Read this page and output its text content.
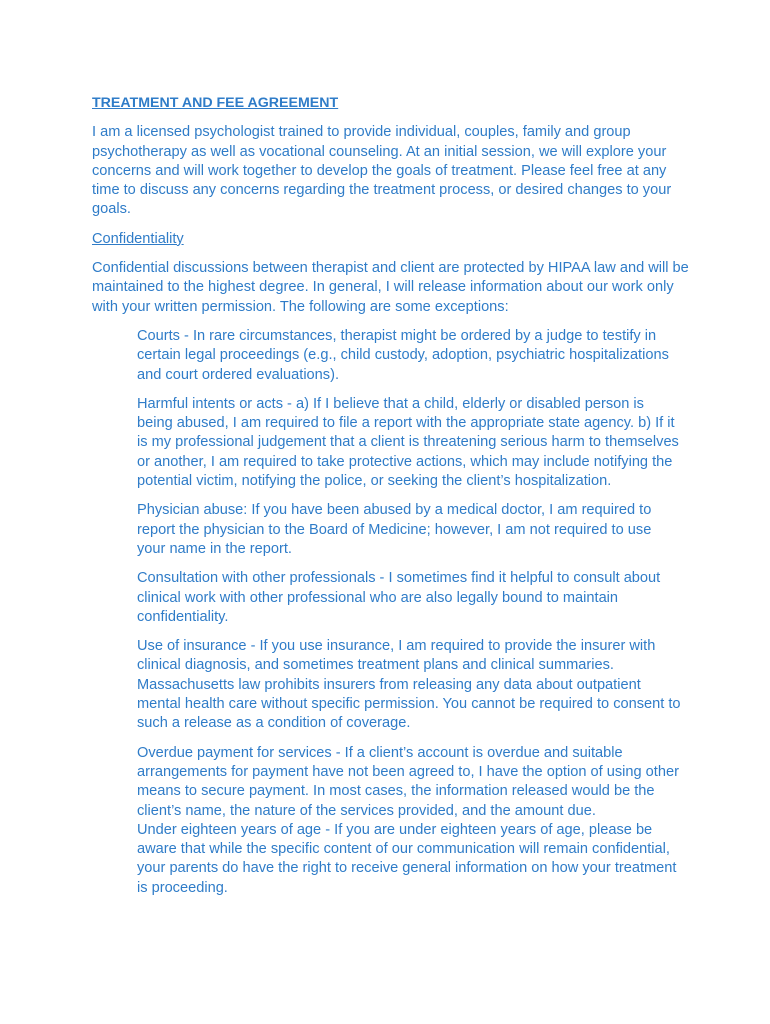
TREATMENT AND FEE AGREEMENT
I am a licensed psychologist trained to provide individual, couples, family and group psychotherapy as well as vocational counseling. At an initial session, we will explore your concerns and will work together to develop the goals of treatment. Please feel free at any time to discuss any concerns regarding the treatment process, or desired changes to your goals.
Confidentiality
Confidential discussions between therapist and client are protected by HIPAA law and will be maintained to the highest degree. In general, I will release information about our work only with your written permission. The following are some exceptions:
Courts - In rare circumstances, therapist might be ordered by a judge to testify in certain legal proceedings (e.g., child custody, adoption, psychiatric hospitalizations and court ordered evaluations).
Harmful intents or acts - a) If I believe that a child, elderly or disabled person is being abused, I am required to file a report with the appropriate state agency. b) If it is my professional judgement that a client is threatening serious harm to themselves or another, I am required to take protective actions, which may include notifying the potential victim, notifying the police, or seeking the client’s hospitalization.
Physician abuse: If you have been abused by a medical doctor, I am required to report the physician to the Board of Medicine; however, I am not required to use your name in the report.
Consultation with other professionals - I sometimes find it helpful to consult about clinical work with other professional who are also legally bound to maintain confidentiality.
Use of insurance - If you use insurance, I am required to provide the insurer with clinical diagnosis, and sometimes treatment plans and clinical summaries. Massachusetts law prohibits insurers from releasing any data about outpatient mental health care without specific permission. You cannot be required to consent to such a release as a condition of coverage.
Overdue payment for services - If a client’s account is overdue and suitable arrangements for payment have not been agreed to, I have the option of using other means to secure payment. In most cases, the information released would be the client’s name, the nature of the services provided, and the amount due.
Under eighteen years of age - If you are under eighteen years of age, please be aware that while the specific content of our communication will remain confidential, your parents do have the right to receive general information on how your treatment is proceeding.
